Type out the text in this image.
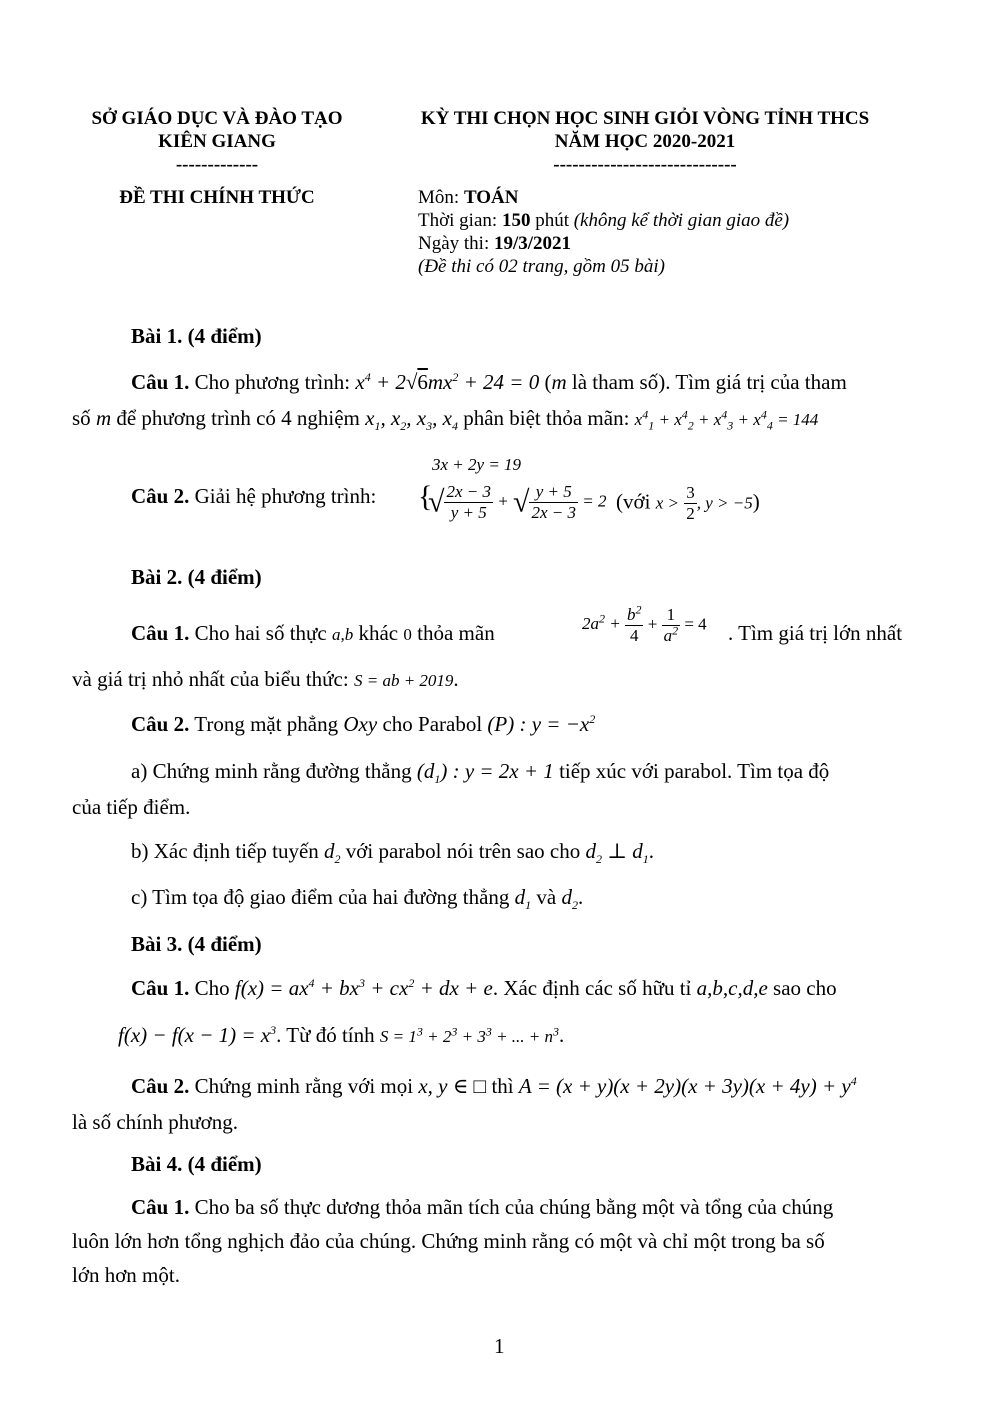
SỞ GIÁO DỤC VÀ ĐÀO TẠO
KIÊN GIANG
-------------
KỲ THI CHỌN HỌC SINH GIỎI VÒNG TỈNH THCS
NĂM HỌC 2020-2021
-----------------------------
ĐỀ THI CHÍNH THỨC	Môn: TOÁN
Thời gian: 150 phút (không kể thời gian giao đề)
Ngày thi: 19/3/2021
(Đề thi có 02 trang, gồm 05 bài)
Bài 1. (4 điểm)
Câu 1. Cho phương trình: $x^4 + 2√6mx^2 + 24 = 0$ (m là tham số). Tìm giá trị của tham
số m để phương trình có 4 nghiệm $x_1$, $x_2$, $x_3$, $x_4$ phân biệt thỏa mãn: $x^4_1 + x^4_2 + x^4_3 + x^4_4 = 144$
Câu 2. Giải hệ phương trình: {
3x + 2y = 19
√ $\frac{2x - 3}{y + 5}$ + √ $\frac{y + 5}{2x - 3} = 2$ (với $x > \frac{3}{2}$ , y > −5)
Bài 2. (4 điểm)
Câu 1. Cho hai số thực a,b khác 0 thỏa mãn	$2a^2 + \frac{b^2}{4} + \frac{1}{a^2} = 4$ . Tìm giá trị lớn nhất
và giá trị nhỏ nhất của biểu thức: S = ab + 2019.
Câu 2. Trong mặt phẳng Oxy cho Parabol (P) : $y = -x^2$
a) Chứng minh rằng đường thẳng $(d_1)$ : y = 2x + 1 tiếp xúc với parabol. Tìm tọa độ
của tiếp điểm.
b) Xác định tiếp tuyến $d_2$ với parabol nói trên sao cho $d_2$ ⊥ $d_1$.
c) Tìm tọa độ giao điểm của hai đường thẳng $d_1$ và $d_2$.
Bài 3. (4 điểm)
Câu 1. Cho $f(x) = ax^4 + bx^3 + cx^2$ + dx + e. Xác định các số hữu tỉ a,b,c,d,e sao cho
$f(x) - f(x - 1) = x^3$. Từ đó tính $S = 1^3 + 2^3 + 3^3$ + ... + $n^3$.
Câu 2. Chứng minh rằng với mọi x, y ∈ □ thì $A = (x + y)(x + 2y)(x + 3y)(x + 4y) + y^4$
là số chính phương.
Bài 4. (4 điểm)
Câu 1. Cho ba số thực dương thỏa mãn tích của chúng bằng một và tổng của chúng
luôn lớn hơn tổng nghịch đảo của chúng. Chứng minh rằng có một và chỉ một trong ba số
lớn hơn một.
1
